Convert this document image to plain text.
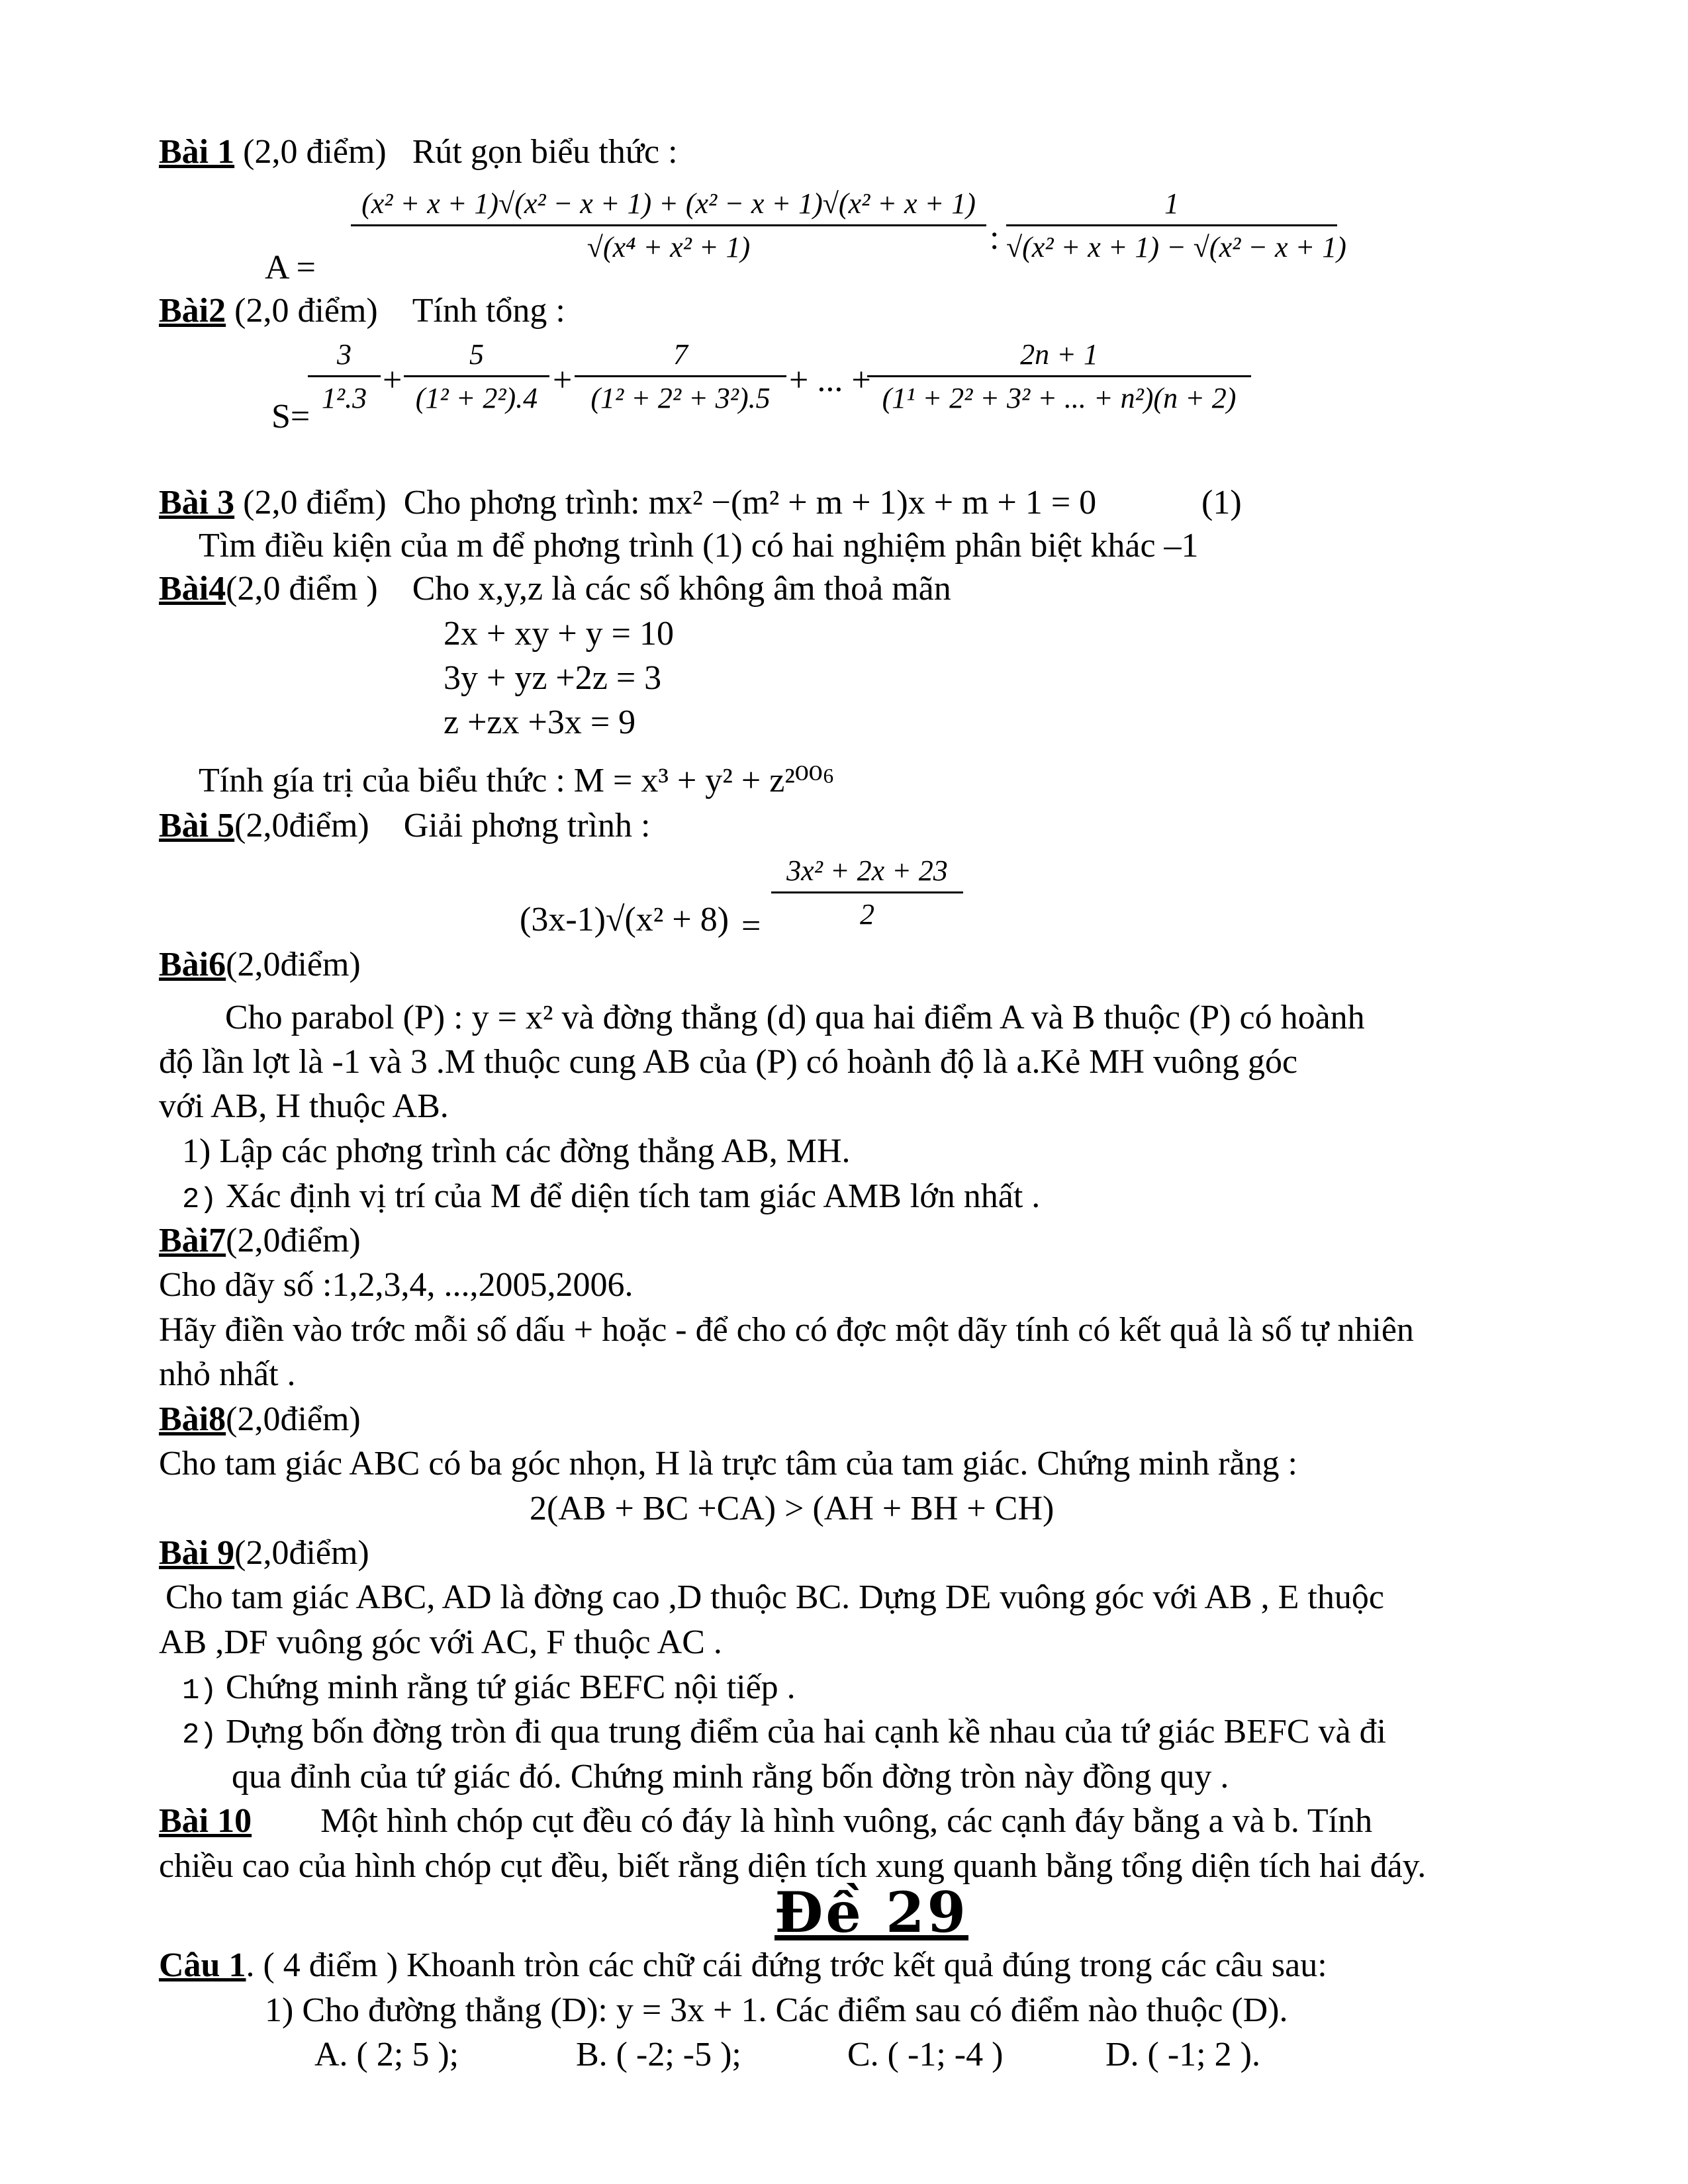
Bài 1 (2,0 điểm) Rút gọn biểu thức :
A =
(x² + x + 1)√(x² − x + 1) + (x² − x + 1)√(x² + x + 1)
√(x⁴ + x² + 1)	:
1
√(x² + x + 1) − √(x² − x + 1)
Bài2 (2,0 điểm) Tính tổng :
S=
3
1².3 +
5
(1² + 2²).4 +
7
(1² + 2² + 3²).5 + ... +
2n + 1
(1¹ + 2² + 3² + ... + n²)(n + 2)
Bài 3 (2,0 điểm) Cho phơng trình: mx² −(m² + m + 1)x + m + 1 = 0	(1)
Tìm điều kiện của m để phơng trình (1) có hai nghiệm phân biệt khác –1
Bài4(2,0 điểm ) Cho x,y,z là các số không âm thoả mãn
2x + xy + y = 10
3y + yz +2z = 3
z +zx +3x = 9
Tính gía trị của biểu thức : M = x³ + y² + z²⁰⁰⁶
Bài 5(2,0điểm) Giải phơng trình :
(3x-1)√(x² + 8) =
3x² + 2x + 23
2
Bài6(2,0điểm)
Cho parabol (P) : y = x² và đờng thẳng (d) qua hai điểm A và B thuộc (P) có hoành
độ lần lợt là -1 và 3 .M thuộc cung AB của (P) có hoành độ là a.Kẻ MH vuông góc
với AB, H thuộc AB.
1) Lập các phơng trình các đờng thẳng AB, MH.
2) Xác định vị trí của M để diện tích tam giác AMB lớn nhất .
Bài7(2,0điểm)
Cho dãy số :1,2,3,4, ...,2005,2006.
Hãy điền vào trớc mỗi số dấu + hoặc - để cho có đợc một dãy tính có kết quả là số tự nhiên
nhỏ nhất .
Bài8(2,0điểm)
Cho tam giác ABC có ba góc nhọn, H là trực tâm của tam giác. Chứng minh rằng :
2(AB + BC +CA) > (AH + BH + CH)
Bài 9(2,0điểm)
Cho tam giác ABC, AD là đờng cao ,D thuộc BC. Dựng DE vuông góc với AB , E thuộc
AB ,DF vuông góc với AC, F thuộc AC .
1) Chứng minh rằng tứ giác BEFC nội tiếp .
2) Dựng bốn đờng tròn đi qua trung điểm của hai cạnh kề nhau của tứ giác BEFC và đi
qua đỉnh của tứ giác đó. Chứng minh rằng bốn đờng tròn này đồng quy .
Bài 10 Một hình chóp cụt đều có đáy là hình vuông, các cạnh đáy bằng a và b. Tính
chiều cao của hình chóp cụt đều, biết rằng diện tích xung quanh bằng tổng diện tích hai đáy.
Đề 29
Câu 1. ( 4 điểm ) Khoanh tròn các chữ cái đứng trớc kết quả đúng trong các câu sau:
1) Cho đường thẳng (D): y = 3x + 1. Các điểm sau có điểm nào thuộc (D).
A. ( 2; 5 );	B. ( -2; -5 );	C. ( -1; -4 )	D. ( -1; 2 ).
